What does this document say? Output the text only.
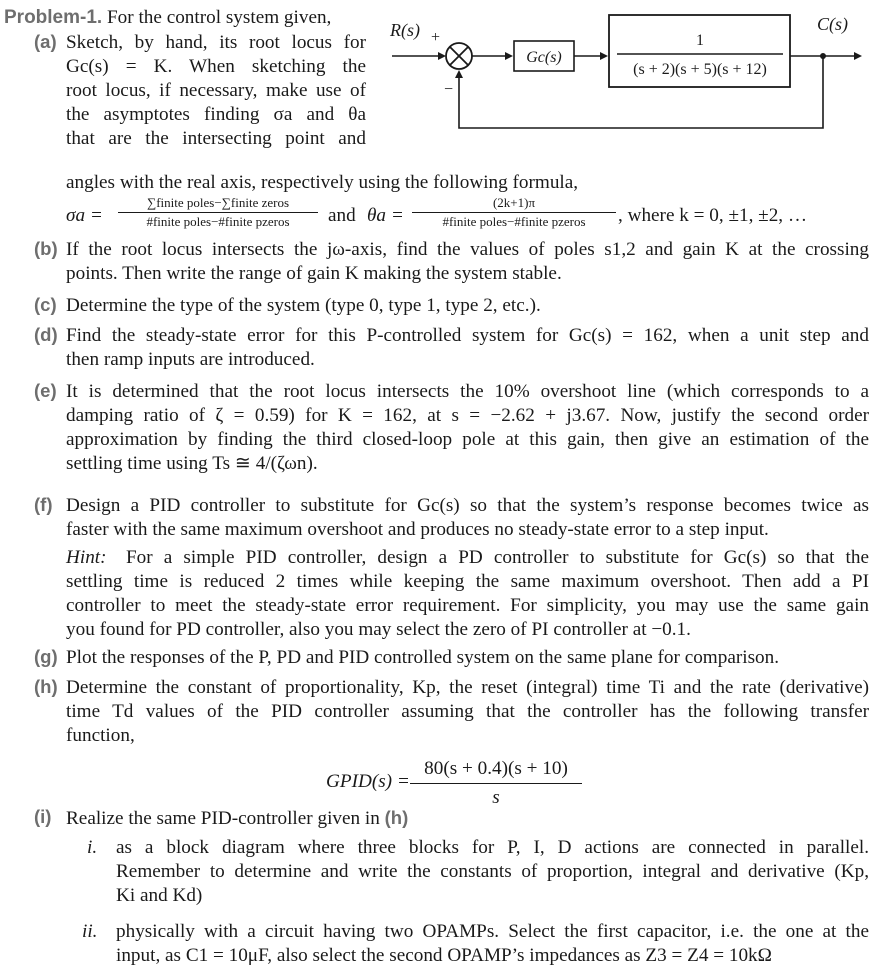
Problem-1. For the control system given,
R(s) +
−
Gc(s)
1
(s + 2)(s + 5)(s + 12)
C(s)
(a) Sketch, by hand, its root locus for
Gc(s) = K. When sketching the
root locus, if necessary, make use of
the asymptotes finding σa and θa
that are the intersecting point and
angles with the real axis, respectively using the following formula,
σa =
∑finite poles−∑finite zeros
#finite poles−#finite pzeros	and θa =
(2k+1)π
#finite poles−#finite pzeros	, where k = 0, ±1, ±2, …
(b) If the root locus intersects the jω-axis, find the values of poles s1,2 and gain K at the crossing
points. Then write the range of gain K making the system stable.
(c) Determine the type of the system (type 0, type 1, type 2, etc.).
(d) Find the steady-state error for this P-controlled system for Gc(s) = 162, when a unit step and
then ramp inputs are introduced.
(e) It is determined that the root locus intersects the 10% overshoot line (which corresponds to a
damping ratio of ζ = 0.59) for K = 162, at s = −2.62 + j3.67. Now, justify the second order
approximation by finding the third closed-loop pole at this gain, then give an estimation of the
settling time using Ts ≅ 4/(ζωn).
(f) Design a PID controller to substitute for Gc(s) so that the system’s response becomes twice as
faster with the same maximum overshoot and produces no steady-state error to a step input.
Hint: For a simple PID controller, design a PD controller to substitute for Gc(s) so that the
settling time is reduced 2 times while keeping the same maximum overshoot. Then add a PI
controller to meet the steady-state error requirement. For simplicity, you may use the same gain
you found for PD controller, also you may select the zero of PI controller at −0.1.
(g) Plot the responses of the P, PD and PID controlled system on the same plane for comparison.
(h) Determine the constant of proportionality, Kp, the reset (integral) time Ti and the rate (derivative)
time Td values of the PID controller assuming that the controller has the following transfer
function,
GPID(s) =
80(s + 0.4)(s + 10)
s
(i) Realize the same PID-controller given in (h)
i. as a block diagram where three blocks for P, I, D actions are connected in parallel.
Remember to determine and write the constants of proportion, integral and derivative (Kp,
Ki and Kd)
ii. physically with a circuit having two OPAMPs. Select the first capacitor, i.e. the one at the
input, as C1 = 10μF, also select the second OPAMP’s impedances as Z3 = Z4 = 10kΩ
